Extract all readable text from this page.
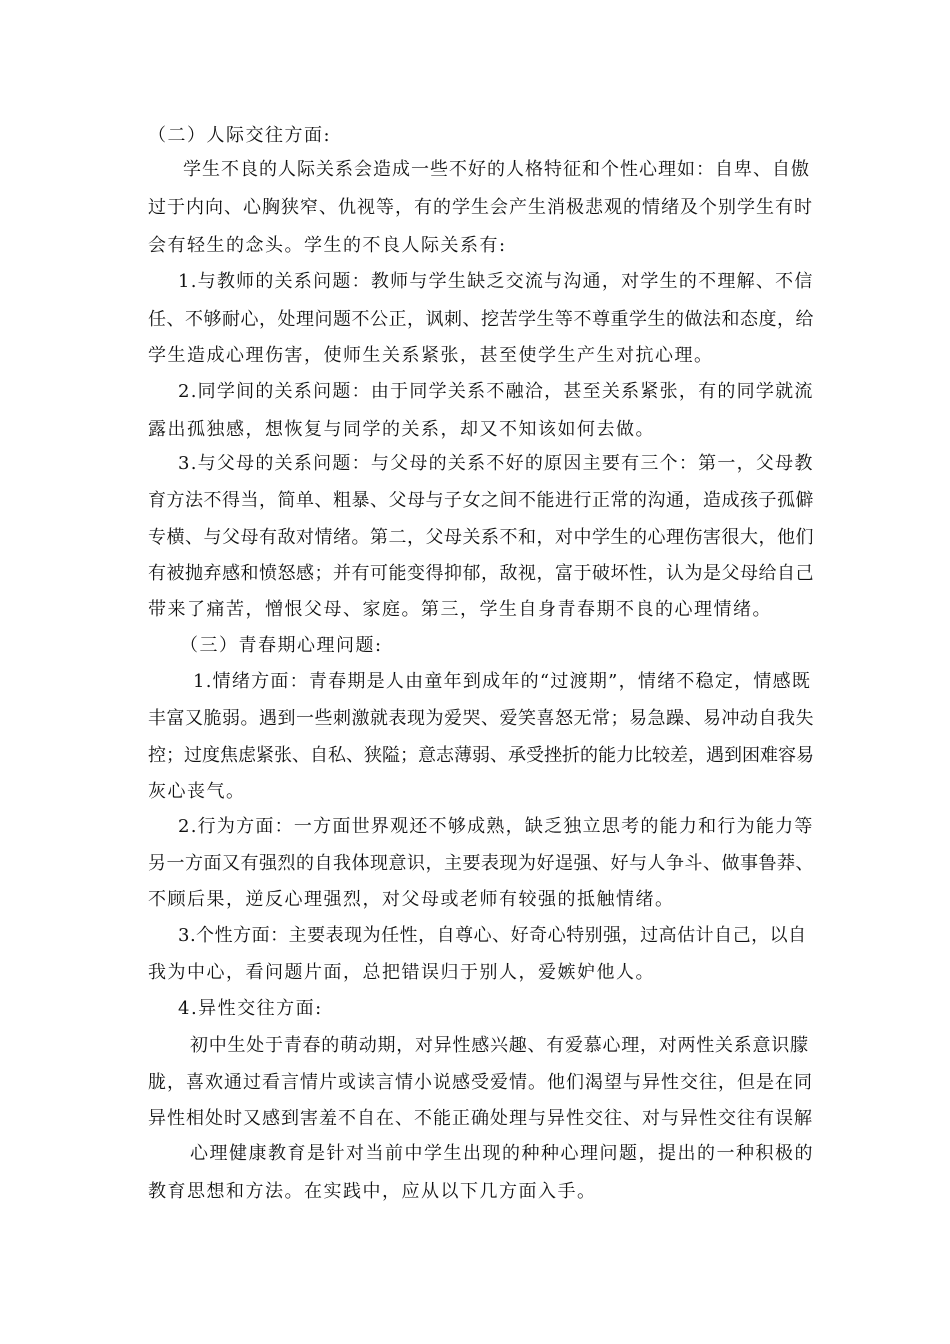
（二）人际交往方面:
学生不良的人际关系会造成一些不好的人格特征和个性心理如：自卑、自傲
过于内向、心胸狭窄、仇视等，有的学生会产生消极悲观的情绪及个别学生有时
会有轻生的念头。学生的不良人际关系有:
1.与教师的关系问题：教师与学生缺乏交流与沟通，对学生的不理解、不信
任、不够耐心，处理问题不公正，讽刺、挖苦学生等不尊重学生的做法和态度，给
学生造成心理伤害，使师生关系紧张，甚至使学生产生对抗心理。
2.同学间的关系问题：由于同学关系不融洽，甚至关系紧张，有的同学就流
露出孤独感，想恢复与同学的关系，却又不知该如何去做。
3.与父母的关系问题：与父母的关系不好的原因主要有三个：第一，父母教
育方法不得当，简单、粗暴、父母与子女之间不能进行正常的沟通，造成孩子孤僻
专横、与父母有敌对情绪。第二，父母关系不和，对中学生的心理伤害很大，他们
有被抛弃感和愤怒感；并有可能变得抑郁，敌视，富于破坏性，认为是父母给自己
带来了痛苦，憎恨父母、家庭。第三，学生自身青春期不良的心理情绪。
（三）青春期心理问题:
1.情绪方面：青春期是人由童年到成年的“过渡期”，情绪不稳定，情感既
丰富又脆弱。遇到一些刺激就表现为爱哭、爱笑喜怒无常；易急躁、易冲动自我失
控；过度焦虑紧张、自私、狭隘；意志薄弱、承受挫折的能力比较差，遇到困难容易
灰心丧气。
2.行为方面：一方面世界观还不够成熟，缺乏独立思考的能力和行为能力等
另一方面又有强烈的自我体现意识，主要表现为好逞强、好与人争斗、做事鲁莽、
不顾后果，逆反心理强烈，对父母或老师有较强的抵触情绪。
3.个性方面：主要表现为任性，自尊心、好奇心特别强，过高估计自己，以自
我为中心，看问题片面，总把错误归于别人，爱嫉妒他人。
4.异性交往方面:
初中生处于青春的萌动期，对异性感兴趣、有爱慕心理，对两性关系意识朦
胧，喜欢通过看言情片或读言情小说感受爱情。他们渴望与异性交往，但是在同
异性相处时又感到害羞不自在、不能正确处理与异性交往、对与异性交往有误解
心理健康教育是针对当前中学生出现的种种心理问题，提出的一种积极的
教育思想和方法。在实践中，应从以下几方面入手。
